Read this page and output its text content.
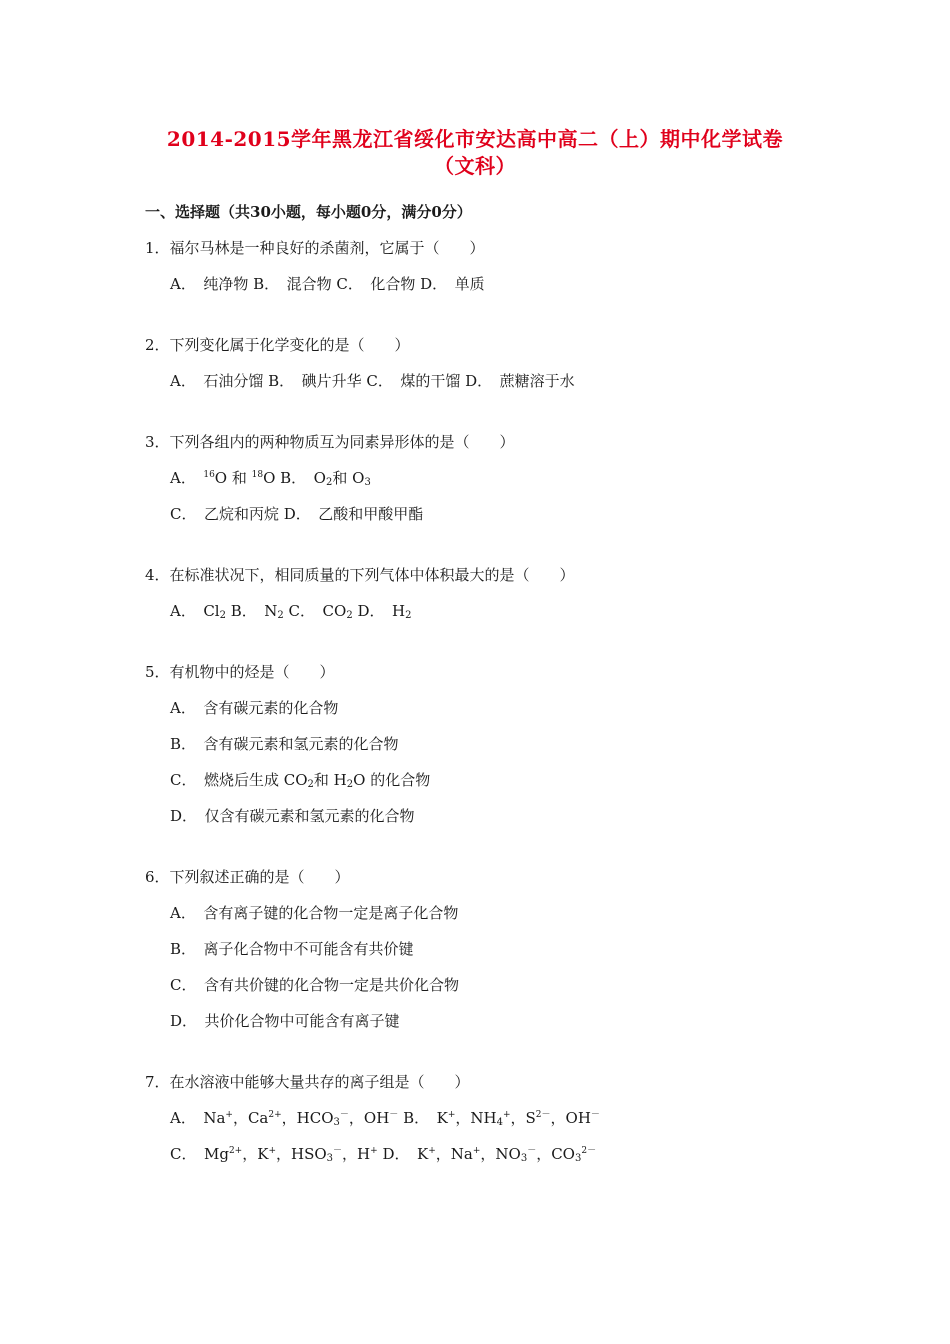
2014-2015学年黑龙江省绥化市安达高中高二（上）期中化学试卷
（文科）
一、选择题（共30小题，每小题0分，满分0分）
1．福尔马林是一种良好的杀菌剂，它属于（　　）
A．　纯净物 B．　混合物 C．　化合物 D．　单质
2．下列变化属于化学变化的是（　　）
A．　石油分馏 B．　碘片升华 C．　煤的干馏 D．　蔗糖溶于水
3．下列各组内的两种物质互为同素异形体的是（　　）
A．　$^{16}$O 和 $^{18}$O B．　$O_2$和 $O_3$
C．　乙烷和丙烷 D．　乙酸和甲酸甲酯
4．在标准状况下，相同质量的下列气体中体积最大的是（　　）
A．　$Cl_2$ B．　$N_2$ C．　$CO_2$ D．　$H_2$
5．有机物中的烃是（　　）
A．　含有碳元素的化合物
B．　含有碳元素和氢元素的化合物
C．　燃烧后生成 $CO_2$和 $H_2O$ 的化合物
D．　仅含有碳元素和氢元素的化合物
6．下列叙述正确的是（　　）
A．　含有离子键的化合物一定是离子化合物
B．　离子化合物中不可能含有共价键
C．　含有共价键的化合物一定是共价化合物
D．　共价化合物中可能含有离子键
7．在水溶液中能够大量共存的离子组是（　　）
A．　Na+，$Ca^{2+}$，$HCO_3^-$，OH－ B．　K+，$NH_4^+$，$S^{2-}$，OH－
C．　$Mg^{2+}$，K+，$HSO_3^-$，H+ D．　K+，Na+，$NO_3^-$，$CO_3^{2-}$
